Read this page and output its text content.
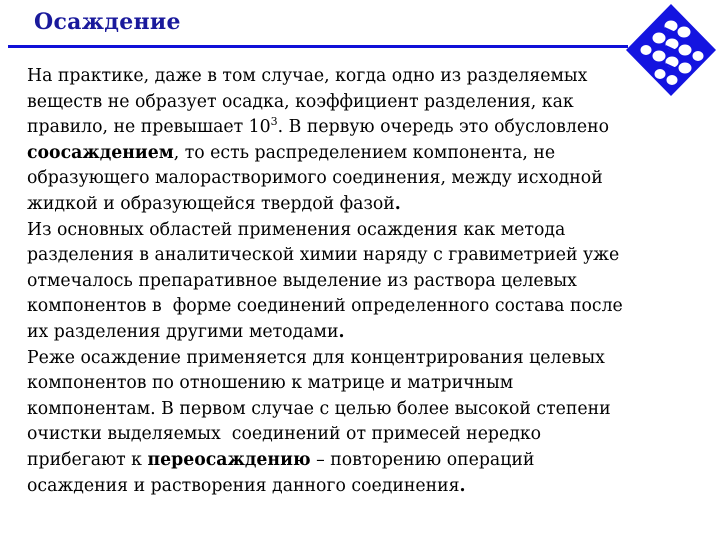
Осаждение
На практике, даже в том случае, когда одно из разделяемых
веществ не образует осадка, коэффициент разделения, как
правило, не превышает $10^3$. В первую очередь это обусловлено
соосаждением, то есть распределением компонента, не
образующего малорастворимого соединения, между исходной
жидкой и образующейся твердой фазой.
Из основных областей применения осаждения как метода
разделения в аналитической химии наряду с гравиметрией уже
отмечалось препаративное выделение из раствора целевых
компонентов в  форме соединений определенного состава после
их разделения другими методами.
Реже осаждение применяется для концентрирования целевых
компонентов по отношению к матрице и матричным
компонентам. В первом случае с целью более высокой степени
очистки выделяемых  соединений от примесей нередко
прибегают к переосаждению – повторению операций
осаждения и растворения данного соединения.
